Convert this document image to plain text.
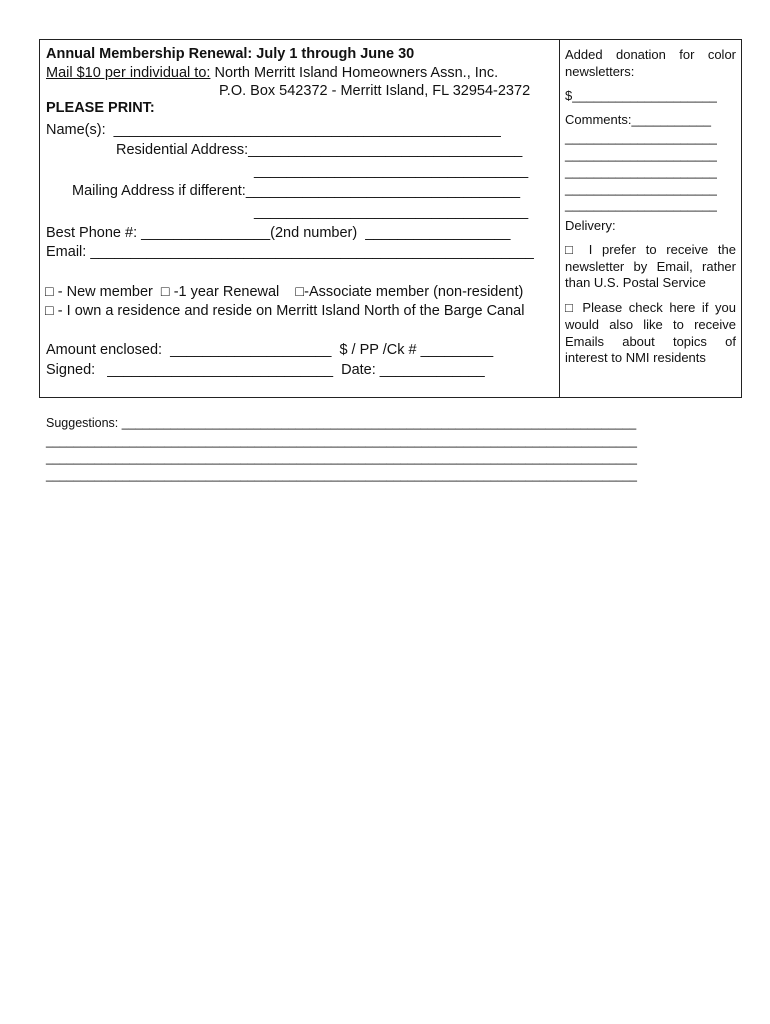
Annual Membership Renewal: July 1 through June 30
Mail $10 per individual to: North Merritt Island Homeowners Assn., Inc.
P.O. Box 542372 - Merritt Island, FL 32954-2372
PLEASE PRINT:
Name(s):  ________________________________________________
Residential Address:__________________________________
__________________________________
Mailing Address if different:__________________________________
__________________________________
Best Phone #: ________________(2nd number)  __________________
Email: _______________________________________________________
□ - New member  □ -1 year Renewal    □-Associate member (non-resident)
□ - I own a residence and reside on Merritt Island North of the Barge Canal
Amount enclosed:  ____________________  $ / PP /Ck # _________
Signed:   ____________________________  Date: _____________
Added donation for color
newsletters:
$____________________
Comments:___________
_____________________
_____________________
_____________________
_____________________
_____________________
Delivery:
□ I prefer to receive the
newsletter by Email, rather
than U.S. Postal Service
□ Please check here if you
would also like to receive
Emails about topics of
interest to NMI residents
Suggestions: __________________________________________________________________________
_____________________________________________________________________________________
_____________________________________________________________________________________
_____________________________________________________________________________________
